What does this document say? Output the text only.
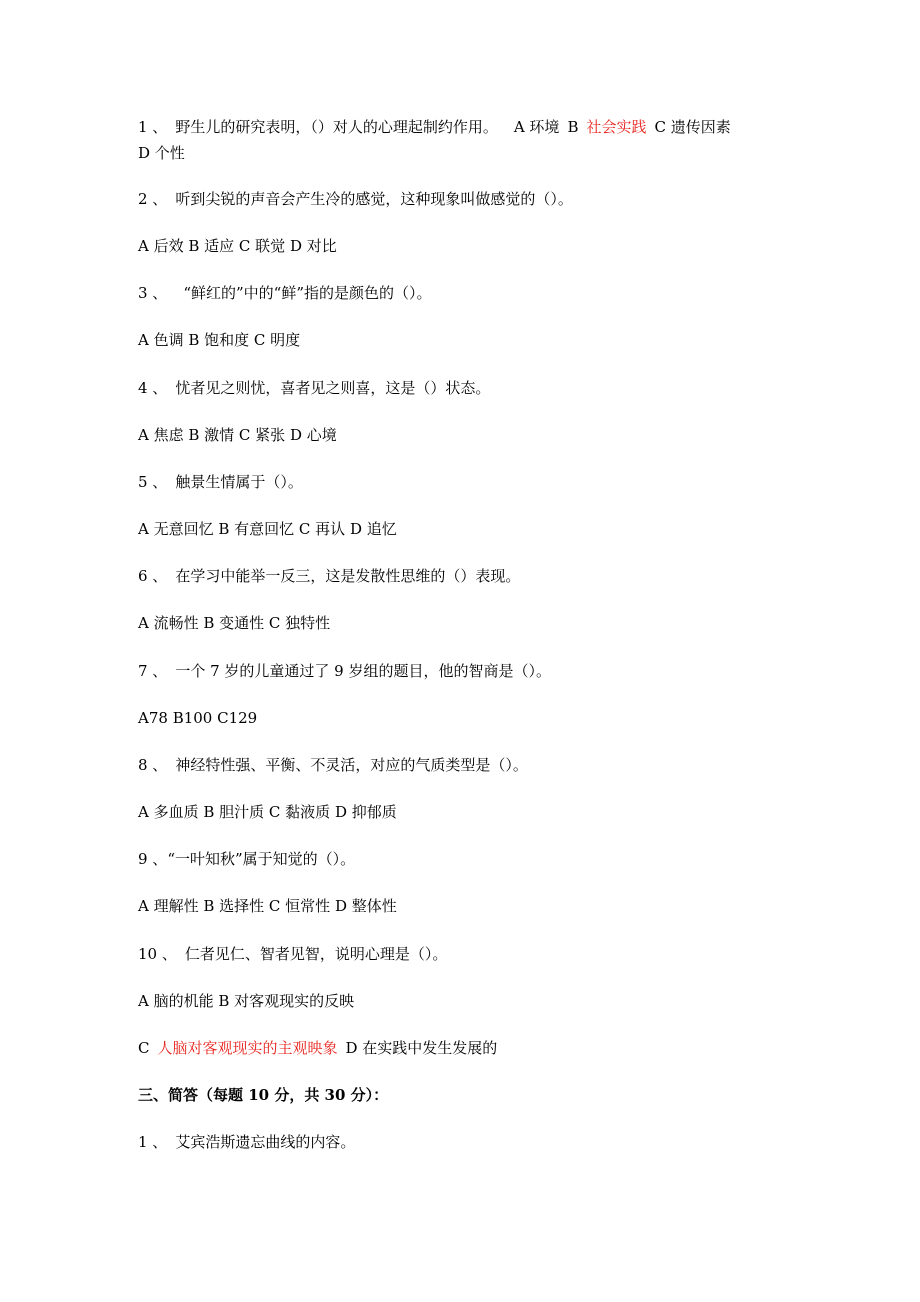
1 、 野生儿的研究表明，（）对人的心理起制约作用。 A 环境 B 社会实践 C 遗传因素
D 个性
2 、 听到尖锐的声音会产生冷的感觉，这种现象叫做感觉的（）。
A 后效 B 适应 C 联觉 D 对比
3 、 “鲜红的”中的“鲜”指的是颜色的（）。
A 色调 B 饱和度 C 明度
4 、 忧者见之则忧，喜者见之则喜，这是（）状态。
A 焦虑 B 激情 C 紧张 D 心境
5 、 触景生情属于（）。
A 无意回忆 B 有意回忆 C 再认 D 追忆
6 、 在学习中能举一反三，这是发散性思维的（）表现。
A 流畅性 B 变通性 C 独特性
7 、 一个 7 岁的儿童通过了 9 岁组的题目，他的智商是（）。
A78 B100 C129
8 、 神经特性强、平衡、不灵活，对应的气质类型是（）。
A 多血质 B 胆汁质 C 黏液质 D 抑郁质
9 、“一叶知秋”属于知觉的（）。
A 理解性 B 选择性 C 恒常性 D 整体性
10 、 仁者见仁、智者见智，说明心理是（）。
A 脑的机能 B 对客观现实的反映
C 人脑对客观现实的主观映象 D 在实践中发生发展的
三、简答（每题 10 分，共 30 分）：
1 、 艾宾浩斯遗忘曲线的内容。
